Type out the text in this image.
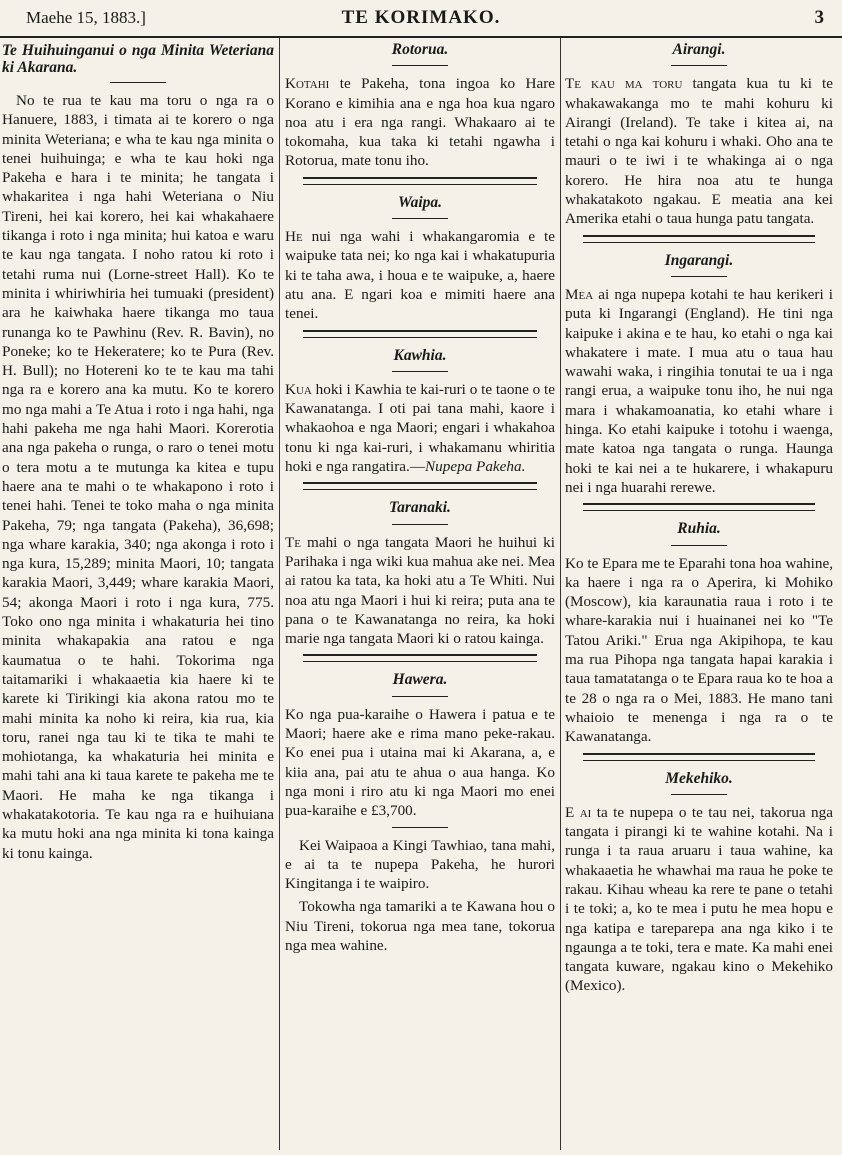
Maehe 15, 1883.]	TE KORIMAKO.	3
Te Huihuinganui o nga Minita Weteriana ki Akarana.

No te rua te kau ma toru o nga ra o Hanuere, 1883, i timata ai te korero o nga minita Weteriana; e wha te kau nga minita o tenei huihuinga; e wha te kau hoki nga Pakeha e hara i te minita; he tangata i whakaritea i nga hahi Weteriana o Niu Tireni, hei kai korero, hei kai whakahaere tikanga i roto i nga minita; hui katoa e waru te kau nga tangata. I noho ratou ki roto i tetahi ruma nui (Lorne-street Hall). Ko te minita i whiriwhiria hei tumuaki (president) ara he kaiwhaka haere tikanga mo taua runanga ko te Pawhinu (Rev. R. Bavin), no Poneke; ko te Hekeratere; ko te Pura (Rev. H. Bull); no Hotereni ko te te kau ma tahi nga ra e korero ana ka mutu. Ko te korero mo nga mahi a Te Atua i roto i nga hahi, nga hahi pakeha me nga hahi Maori. Korerotia ana nga pakeha o runga, o raro o tenei motu o tera motu a te mutunga ka kitea e tupu haere ana te mahi o te whakapono i roto i tenei hahi. Tenei te toko maha o nga minita Pakeha, 79; nga tangata (Pakeha), 36,698; nga whare karakia, 340; nga akonga i roto i nga kura, 15,289; minita Maori, 10; tangata karakia Maori, 3,449; whare karakia Maori, 54; akonga Maori i roto i nga kura, 775. Toko ono nga minita i whakaturia hei tino minita whakapakia ana ratou e nga kaumatua o te hahi. Tokorima nga taitamariki i whakaaetia kia haere ki te karete ki Tirikingi kia akona ratou mo te mahi minita ka noho ki reira, kia rua, kia toru, ranei nga tau ki te tika te mahi te mohiotanga, ka whakaturia hei minita e mahi tahi ana ki taua karete te pakeha me te Maori. He maha ke nga tikanga i whakatakotoria. Te kau nga ra e huihuiana ka mutu hoki ana nga minita ki tona kainga ki tonu kainga.

Rotorua.

Kotahi te Pakeha, tona ingoa ko Hare Korano e kimihia ana e nga hoa kua ngaro noa atu i era nga rangi. Whakaaro ai te tokomaha, kua taka ki tetahi ngawha i Rotorua, mate tonu iho.

Waipa.

He nui nga wahi i whakangaromia e te waipuke tata nei; ko nga kai i whakatupuria ki te taha awa, i houa e te waipuke, a, haere atu ana. E ngari koa e mimiti haere ana tenei.

Kawhia.

Kua hoki i Kawhia te kai-ruri o te taone o te Kawanatanga. I oti pai tana mahi, kaore i whakaohoa e nga Maori; engari i whakahoa tonu ki nga kai-ruri, i whakamanu whiritia hoki e nga rangatira.—Nupepa Pakeha.

Taranaki.

Te mahi o nga tangata Maori he huihui ki Parihaka i nga wiki kua mahua ake nei. Mea ai ratou ka tata, ka hoki atu a Te Whiti. Nui noa atu nga Maori i hui ki reira; puta ana te pana o te Kawanatanga no reira, ka hoki marie nga tangata Maori ki o ratou kainga.

Hawera.

Ko nga pua-karaihe o Hawera i patua e te Maori; haere ake e rima mano peke-rakau. Ko enei pua i utaina mai ki Akarana, a, e kiia ana, pai atu te ahua o aua hanga. Ko nga moni i riro atu ki nga Maori mo enei pua-karaihe e £3,700.

Kei Waipaoa a Kingi Tawhiao, tana mahi, e ai ta te nupepa Pakeha, he hurori Kingitanga i te waipiro.

Tokowha nga tamariki a te Kawana hou o Niu Tireni, tokorua nga mea tane, tokorua nga mea wahine.

Airangi.

Te kau ma toru tangata kua tu ki te whakawakanga mo te mahi kohuru ki Airangi (Ireland). Te take i kitea ai, na tetahi o nga kai kohuru i whaki. Oho ana te mauri o te iwi i te whakinga ai o nga korero. He hira noa atu te hunga whakatakoto ngakau. E meatia ana kei Amerika etahi o taua hunga patu tangata.

Ingarangi.

Mea ai nga nupepa kotahi te hau kerikeri i puta ki Ingarangi (England). He tini nga kaipuke i akina e te hau, ko etahi o nga kai whakatere i mate. I mua atu o taua hau wawahi waka, i ringihia tonutai te ua i nga rangi erua, a waipuke tonu iho, he nui nga mara i whakamoanatia, ko etahi whare i hinga. Ko etahi kaipuke i totohu i waenga, mate katoa nga tangata o runga. Haunga hoki te kai nei a te hukarere, i whakapuru nei i nga huarahi rerewe.

Ruhia.

Ko te Epara me te Eparahi tona hoa wahine, ka haere i nga ra o Aperira, ki Mohiko (Moscow), kia karaunatia raua i roto i te whare-karakia nui i huainanei nei ko "Te Tatou Ariki." Erua nga Akipihopa, te kau ma rua Pihopa nga tangata hapai karakia i taua tamatatanga o te Epara raua ko te hoa a te 28 o nga ra o Mei, 1883. He mano tani whaioio te menenga i nga ra o te Kawanatanga.

Mekehiko.

E ai ta te nupepa o te tau nei, takorua nga tangata i pirangi ki te wahine kotahi. Na i runga i ta raua aruaru i taua wahine, ka whakaaetia he whawhai ma raua he poke te rakau. Kihau wheau ka rere te pane o tetahi i te toki; a, ko te mea i putu he mea hopu e nga katipa e tareparepa ana nga kiko i te ngaunga a te toki, tera e mate. Ka mahi enei tangata kuware, ngakau kino o Mekehiko (Mexico).
